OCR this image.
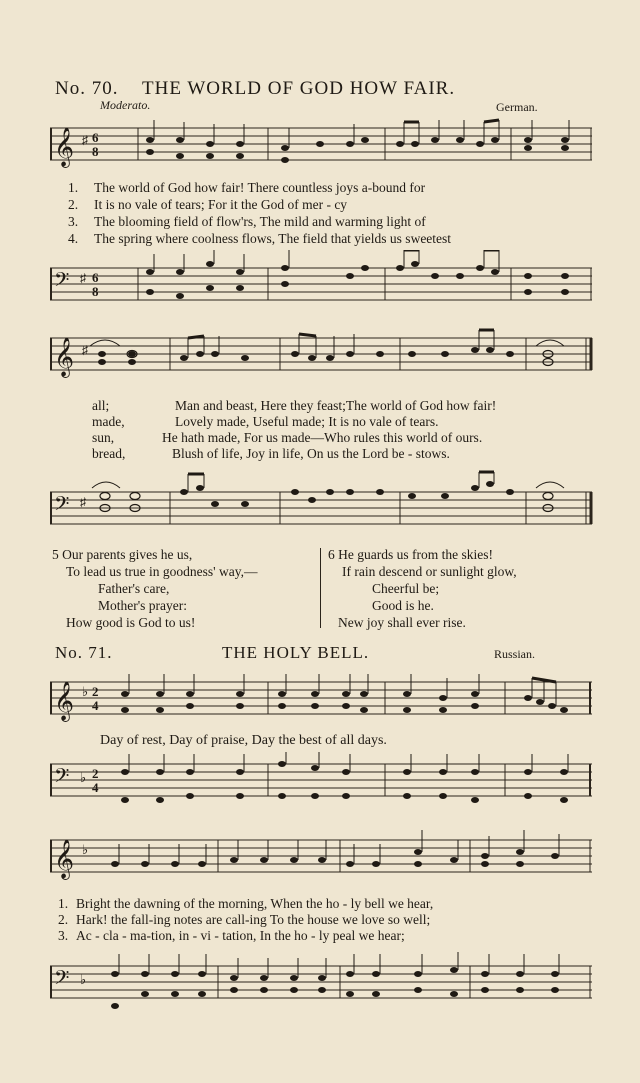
No. 70. THE WORLD OF GOD HOW FAIR.
Moderato.	German.
𝄞 ♯ 6
8
1. The world of God how fair! There countless joys a-bound for
2. It is no vale of tears; For it the God of mer - cy
3. The blooming field of flow'rs, The mild and warming light of
4. The spring where coolness flows, The field that yields us sweetest
𝄢 ♯ 6
8
𝄞 ♯
all;	Man and beast, Here they feast;The world of God how fair!
made,	Lovely made, Useful made; It is no vale of tears.
sun,	He hath made, For us made—Who rules this world of ours.
bread,	Blush of life, Joy in life, On us the Lord be - stows.
𝄢 ♯
5 Our parents gives he us,
To lead us true in goodness' way,—
Father's care,
Mother's prayer:
How good is God to us!
6 He guards us from the skies!
If rain descend or sunlight glow,
Cheerful be;
Good is he.
New joy shall ever rise.
No. 71.	THE HOLY BELL.	Russian.
𝄞 ♭ 2
4
Day of rest, Day of praise, Day the best of all days.
𝄢 ♭ 2
4
𝄞 ♭
1. Bright the dawning of the morning, When the ho - ly bell we hear,
2. Hark! the fall-ing notes are call-ing To the house we love so well;
3. Ac - cla - ma-tion, in - vi - tation, In the ho - ly peal we hear;
𝄢 ♭
